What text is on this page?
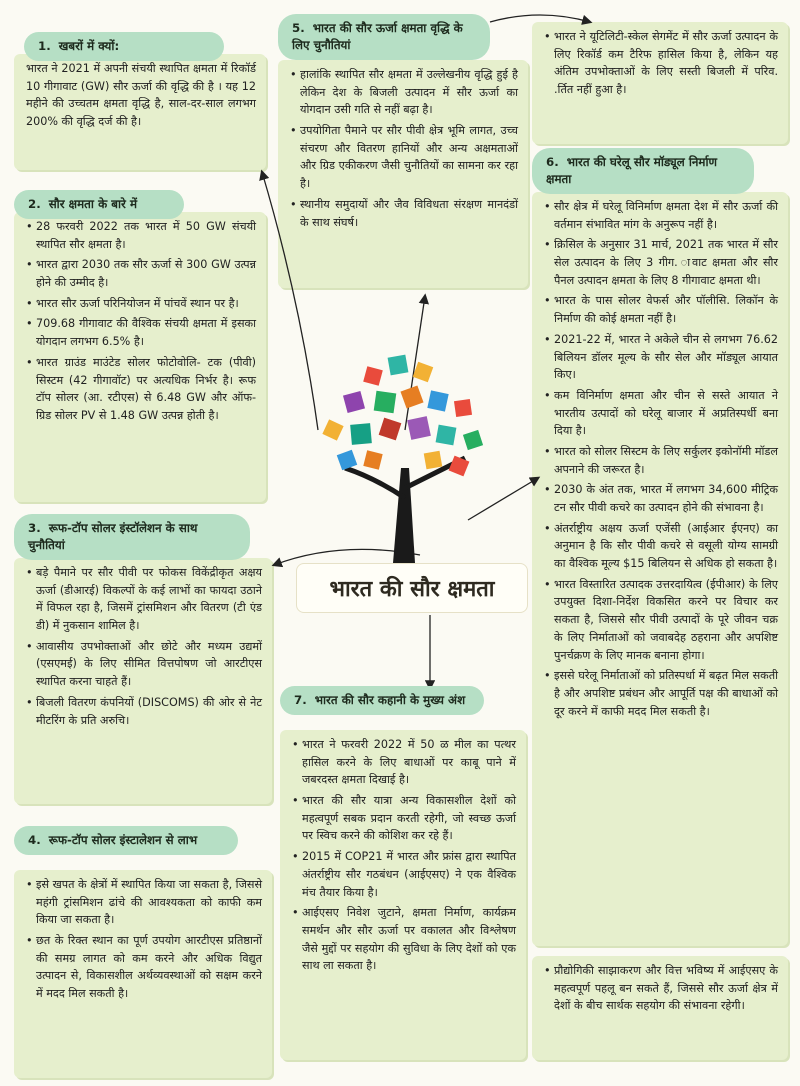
1. खबरों में क्यों:

भारत ने 2021 में अपनी संचयी स्थापित क्षमता में रिकॉर्ड 10 गीगावाट (GW) सौर ऊर्जा की वृद्धि की है । यह 12 महीने की उच्चतम क्षमता वृद्धि है, साल-दर-साल लगभग 200% की वृद्धि दर्ज की है।

2. सौर क्षमता के बारे में
• 28 फरवरी 2022 तक भारत में 50 GW संचयी स्थापित सौर क्षमता है।
• भारत द्वारा 2030 तक सौर ऊर्जा से 300 GW उत्पन्न होने की उम्मीद है।
• भारत सौर ऊर्जा परिनियोजन में पांचवें स्थान पर है।
• 709.68 गीगावाट की वैश्विक संचयी क्षमता में इसका योगदान लगभग 6.5% है।
• भारत ग्राउंड माउंटेड सोलर फोटोवोलि- टक (पीवी) सिस्टम (42 गीगावॉट) पर अत्यधिक निर्भर है। रूफ टॉप सोलर (आ. रटीएस) से 6.48 GW और ऑफ-ग्रिड सोलर PV से 1.48 GW उत्पन्न होती है।
3. रूफ-टॉप सोलर इंस्टॉलेशन के साथ चुनौतियां
• बड़े पैमाने पर सौर पीवी पर फोकस विकेंद्रीकृत अक्षय ऊर्जा (डीआरई) विकल्पों के कई लाभों का फायदा उठाने में विफल रहा है, जिसमें ट्रांसमिशन और वितरण (टी एंड डी) में नुकसान शामिल है।
• आवासीय उपभोक्ताओं और छोटे और मध्यम उद्यमों (एसएमई) के लिए सीमित वित्तपोषण जो आरटीएस स्थापित करना चाहते हैं।
• बिजली वितरण कंपनियों (DISCOMS) की ओर से नेट मीटरिंग के प्रति अरुचि।
4. रूफ-टॉप सोलर इंस्टालेशन से लाभ
• इसे खपत के क्षेत्रों में स्थापित किया जा सकता है, जिससे महंगी ट्रांसमिशन ढांचे की आवश्यकता को काफी कम किया जा सकता है।
• छत के रिक्त स्थान का पूर्ण उपयोग आरटीएस प्रतिष्ठानों की समग्र लागत को कम करने और अधिक विद्युत उत्पादन से, विकासशील अर्थव्यवस्थाओं को सक्षम करने में मदद मिल सकती है।
5. भारत की सौर ऊर्जा क्षमता वृद्धि के लिए चुनौतियां
• हालांकि स्थापित सौर क्षमता में उल्लेखनीय वृद्धि हुई है लेकिन देश के बिजली उत्पादन में सौर ऊर्जा का योगदान उसी गति से नहीं बढ़ा है।
• उपयोगिता पैमाने पर सौर पीवी क्षेत्र भूमि लागत, उच्च संचरण और वितरण हानियों और अन्य अक्षमताओं और ग्रिड एकीकरण जैसी चुनौतियों का सामना कर रहा है।
• स्थानीय समुदायों और जैव विविधता संरक्षण मानदंडों के साथ संघर्ष।
• भारत ने यूटिलिटी-स्केल सेगमेंट में सौर ऊर्जा उत्पादन के लिए रिकॉर्ड कम टैरिफ हासिल किया है, लेकिन यह अंतिम उपभोक्ताओं के लिए सस्ती बिजली में परिव. .र्तित नहीं हुआ है।
6. भारत की घरेलू सौर मॉड्यूल निर्माण क्षमता
• सौर क्षेत्र में घरेलू विनिर्माण क्षमता देश में सौर ऊर्जा की वर्तमान संभावित मांग के अनुरूप नहीं है।
• क्रिसिल के अनुसार 31 मार्च, 2021 तक भारत में सौर सेल उत्पादन के लिए 3 गीग. ावाट क्षमता और सौर पैनल उत्पादन क्षमता के लिए 8 गीगावाट क्षमता थी।
• भारत के पास सोलर वेफर्स और पॉलीसि. लिकॉन के निर्माण की कोई क्षमता नहीं है।
• 2021-22 में, भारत ने अकेले चीन से लगभग 76.62 बिलियन डॉलर मूल्य के सौर सेल और मॉड्यूल आयात किए।
• कम विनिर्माण क्षमता और चीन से सस्ते आयात ने भारतीय उत्पादों को घरेलू बाजार में अप्रतिस्पर्धी बना दिया है।
• भारत को सोलर सिस्टम के लिए सर्कुलर इकोनॉमी मॉडल अपनाने की जरूरत है।
• 2030 के अंत तक, भारत में लगभग 34,600 मीट्रिक टन सौर पीवी कचरे का उत्पादन होने की संभावना है।
• अंतर्राष्ट्रीय अक्षय ऊर्जा एजेंसी (आईआर ईएनए) का अनुमान है कि सौर पीवी कचरे से वसूली योग्य सामग्री का वैश्विक मूल्य $15 बिलियन से अधिक हो सकता है।
• भारत विस्तारित उत्पादक उत्तरदायित्व (ईपीआर) के लिए उपयुक्त दिशा-निर्देश विकसित करने पर विचार कर सकता है, जिससे सौर पीवी उत्पादों के पूरे जीवन चक्र के लिए निर्माताओं को जवाबदेह ठहराना और अपशिष्ट पुनर्चक्रण के लिए मानक बनाना होगा।
• इससे घरेलू निर्माताओं को प्रतिस्पर्धा में बढ़त मिल सकती है और अपशिष्ट प्रबंधन और आपूर्ति पक्ष की बाधाओं को दूर करने में काफी मदद मिल सकती है।
7. भारत की सौर कहानी के मुख्य अंश
• भारत ने फरवरी 2022 में 50 ळ मील का पत्थर हासिल करने के लिए बाधाओं पर काबू पाने में जबरदस्त क्षमता दिखाई है।
• भारत की सौर यात्रा अन्य विकासशील देशों को महत्वपूर्ण सबक प्रदान करती रहेगी, जो स्वच्छ ऊर्जा पर स्विच करने की कोशिश कर रहे हैं।
• 2015 में COP21 में भारत और फ्रांस द्वारा स्थापित अंतर्राष्ट्रीय सौर गठबंधन (आईएसए) ने एक वैश्विक मंच तैयार किया है।
• आईएसए निवेश जुटाने, क्षमता निर्माण, कार्यक्रम समर्थन और सौर ऊर्जा पर वकालत और विश्लेषण जैसे मुद्दों पर सहयोग की सुविधा के लिए देशों को एक साथ ला सकता है।
•	प्रौद्योगिकी साझाकरण और वित्त भविष्य में आईएसए के महत्वपूर्ण पहलू बन सकते हैं, जिससे सौर ऊर्जा क्षेत्र में देशों के बीच सार्थक सहयोग की संभावना रहेगी।
भारत की सौर क्षमता
